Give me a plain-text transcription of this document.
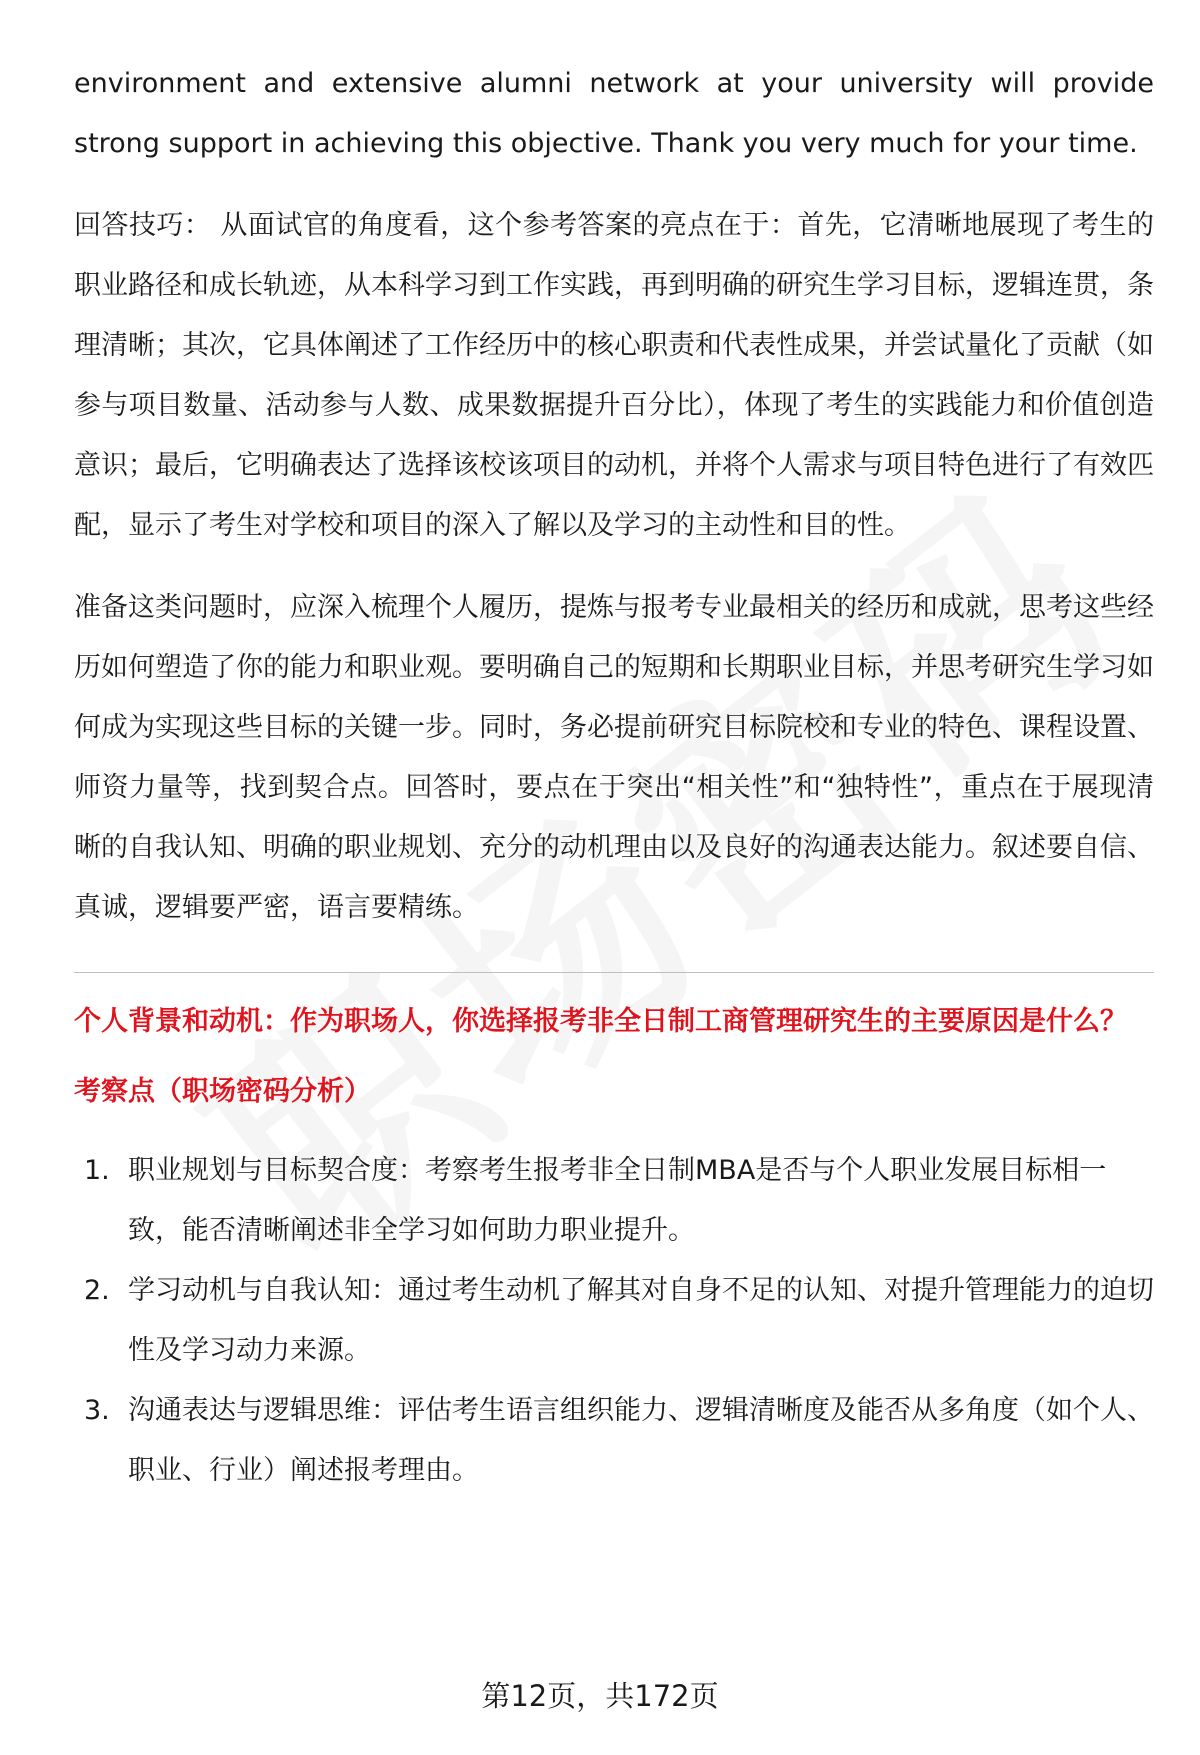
environment and extensive alumni network at your university will provide strong support in achieving this objective. Thank you very much for your time.

回答技巧： 从面试官的角度看，这个参考答案的亮点在于：首先，它清晰地展现了考生的职业路径和成长轨迹，从本科学习到工作实践，再到明确的研究生学习目标，逻辑连贯，条理清晰；其次，它具体阐述了工作经历中的核心职责和代表性成果，并尝试量化了贡献（如参与项目数量、活动参与人数、成果数据提升百分比），体现了考生的实践能力和价值创造意识；最后，它明确表达了选择该校该项目的动机，并将个人需求与项目特色进行了有效匹配，显示了考生对学校和项目的深入了解以及学习的主动性和目的性。

准备这类问题时，应深入梳理个人履历，提炼与报考专业最相关的经历和成就，思考这些经历如何塑造了你的能力和职业观。要明确自己的短期和长期职业目标，并思考研究生学习如何成为实现这些目标的关键一步。同时，务必提前研究目标院校和专业的特色、课程设置、师资力量等，找到契合点。回答时，要点在于突出“相关性”和“独特性”，重点在于展现清晰的自我认知、明确的职业规划、充分的动机理由以及良好的沟通表达能力。叙述要自信、真诚，逻辑要严密，语言要精练。

个人背景和动机：作为职场人，你选择报考非全日制工商管理研究生的主要原因是什么？

考察点（职场密码分析）

1. 职业规划与目标契合度：考察考生报考非全日制MBA是否与个人职业发展目标相一致，能否清晰阐述非全学习如何助力职业提升。
2. 学习动机与自我认知：通过考生动机了解其对自身不足的认知、对提升管理能力的迫切性及学习动力来源。
3. 沟通表达与逻辑思维：评估考生语言组织能力、逻辑清晰度及能否从多角度（如个人、职业、行业）阐述报考理由。
第12页，共172页
